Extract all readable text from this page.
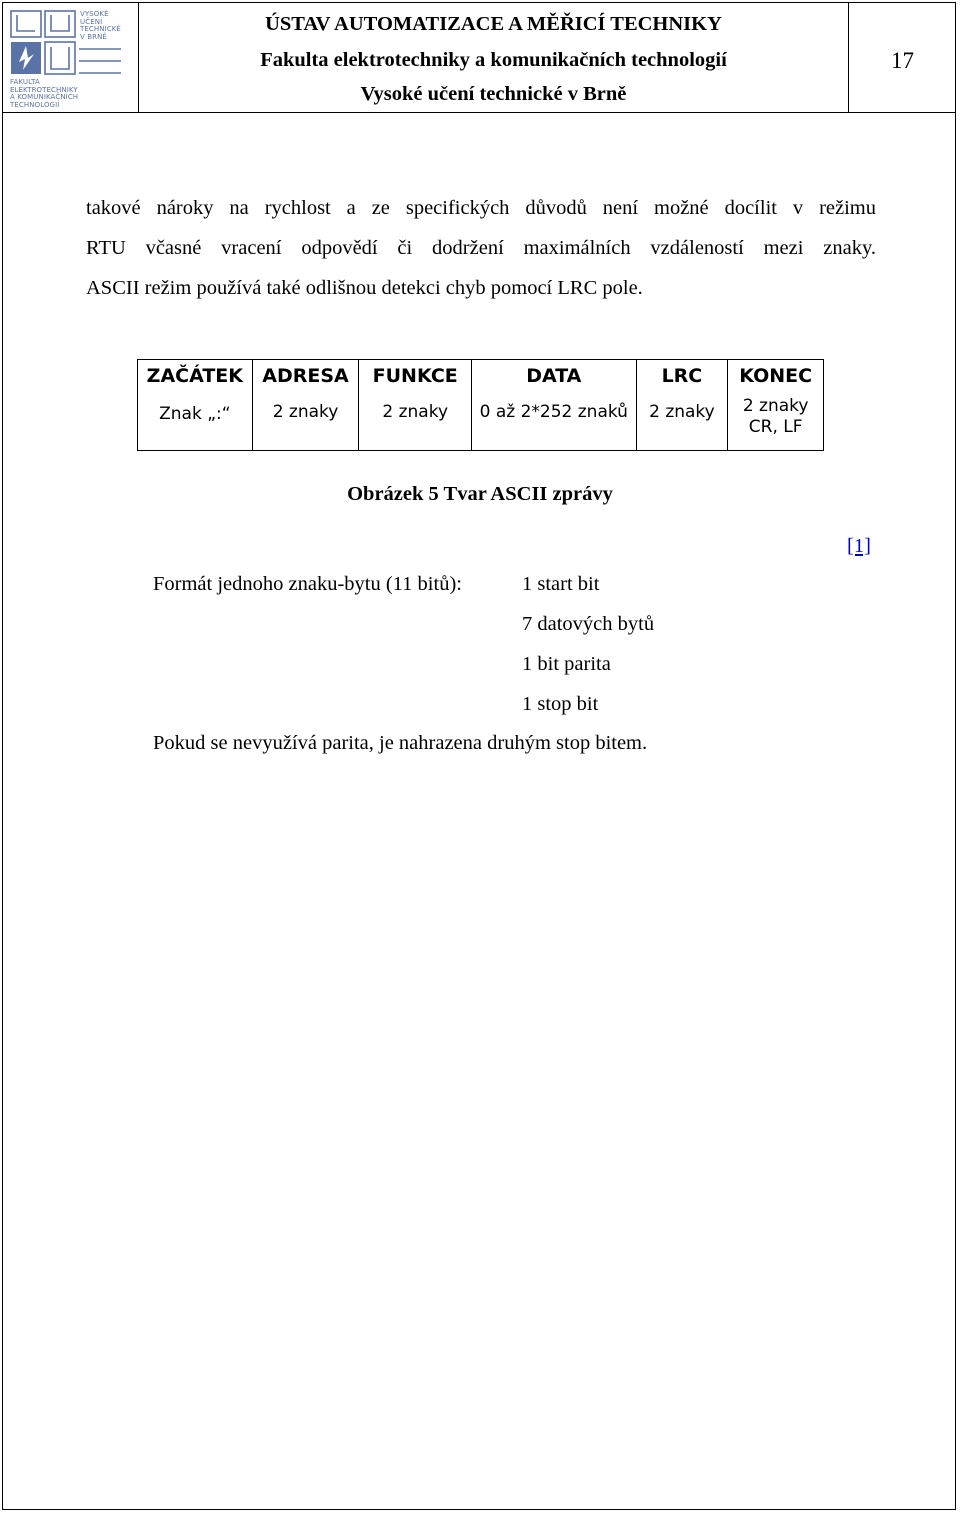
VYSOKÉ
UČENÍ
TECHNICKÉ
V BRNĚ
FAKULTA
ELEKTROTECHNIKY
A KOMUNIKAČNÍCH
TECHNOLOGIÍ
ÚSTAV AUTOMATIZACE A MĚŘICÍ TECHNIKY
Fakulta elektrotechniky a komunikačních technologií
Vysoké učení technické v Brně
17
takové nároky na rychlost a ze specifických důvodů není možné docílit v režimu
RTU včasné vracení odpovědí či dodržení maximálních vzdáleností mezi znaky.
ASCII režim používá také odlišnou detekci chyb pomocí LRC pole.
ZAČÁTEK
Znak „:“
ADRESA
2 znaky
FUNKCE
2 znaky
DATA
0 až 2*252 znaků
LRC
2 znaky
KONEC
2 znaky
CR, LF
Obrázek 5 Tvar ASCII zprávy
[1]
Formát jednoho znaku-bytu (11 bitů):	1 start bit
7 datových bytů
1 bit parita
1 stop bit
Pokud se nevyužívá parita, je nahrazena druhým stop bitem.
